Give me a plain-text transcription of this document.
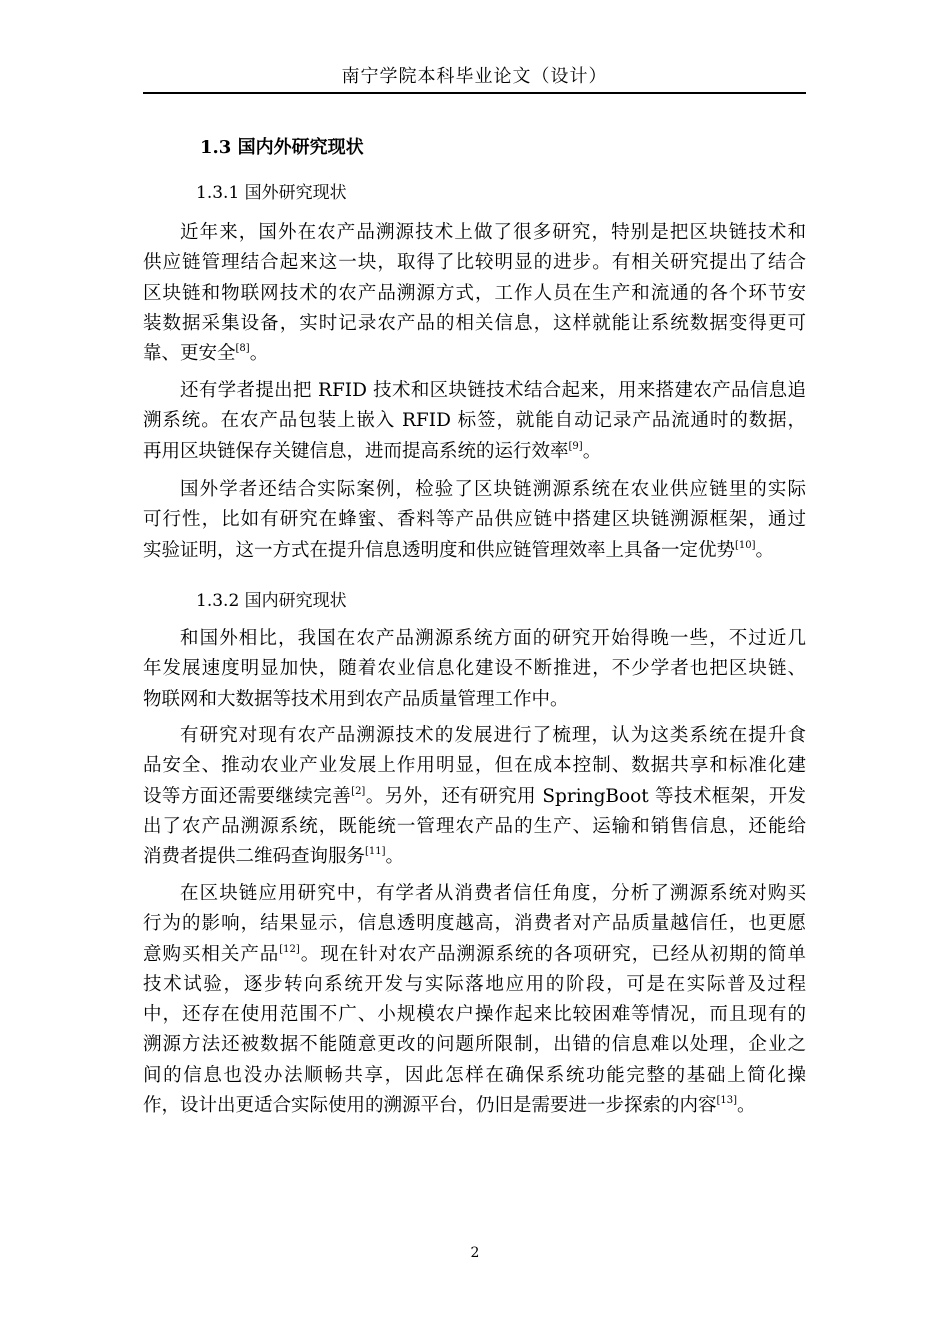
南宁学院本科毕业论文（设计）
1.3 国内外研究现状
1.3.1 国外研究现状
近年来，国外在农产品溯源技术上做了很多研究，特别是把区块链技术和
供应链管理结合起来这一块，取得了比较明显的进步。有相关研究提出了结合
区块链和物联网技术的农产品溯源方式，工作人员在生产和流通的各个环节安
装数据采集设备，实时记录农产品的相关信息，这样就能让系统数据变得更可
靠、更安全[8]。
还有学者提出把 RFID 技术和区块链技术结合起来，用来搭建农产品信息追
溯系统。在农产品包装上嵌入 RFID 标签，就能自动记录产品流通时的数据，
再用区块链保存关键信息，进而提高系统的运行效率[9]。
国外学者还结合实际案例，检验了区块链溯源系统在农业供应链里的实际
可行性，比如有研究在蜂蜜、香料等产品供应链中搭建区块链溯源框架，通过
实验证明，这一方式在提升信息透明度和供应链管理效率上具备一定优势[10]。
1.3.2 国内研究现状
和国外相比，我国在农产品溯源系统方面的研究开始得晚一些，不过近几
年发展速度明显加快，随着农业信息化建设不断推进，不少学者也把区块链、
物联网和大数据等技术用到农产品质量管理工作中。
有研究对现有农产品溯源技术的发展进行了梳理，认为这类系统在提升食
品安全、推动农业产业发展上作用明显，但在成本控制、数据共享和标准化建
设等方面还需要继续完善[2]。另外，还有研究用 SpringBoot 等技术框架，开发
出了农产品溯源系统，既能统一管理农产品的生产、运输和销售信息，还能给
消费者提供二维码查询服务[11]。
在区块链应用研究中，有学者从消费者信任角度，分析了溯源系统对购买
行为的影响，结果显示，信息透明度越高，消费者对产品质量越信任，也更愿
意购买相关产品[12]。现在针对农产品溯源系统的各项研究，已经从初期的简单
技术试验，逐步转向系统开发与实际落地应用的阶段，可是在实际普及过程
中，还存在使用范围不广、小规模农户操作起来比较困难等情况，而且现有的
溯源方法还被数据不能随意更改的问题所限制，出错的信息难以处理，企业之
间的信息也没办法顺畅共享，因此怎样在确保系统功能完整的基础上简化操
作，设计出更适合实际使用的溯源平台，仍旧是需要进一步探索的内容[13]。
2
